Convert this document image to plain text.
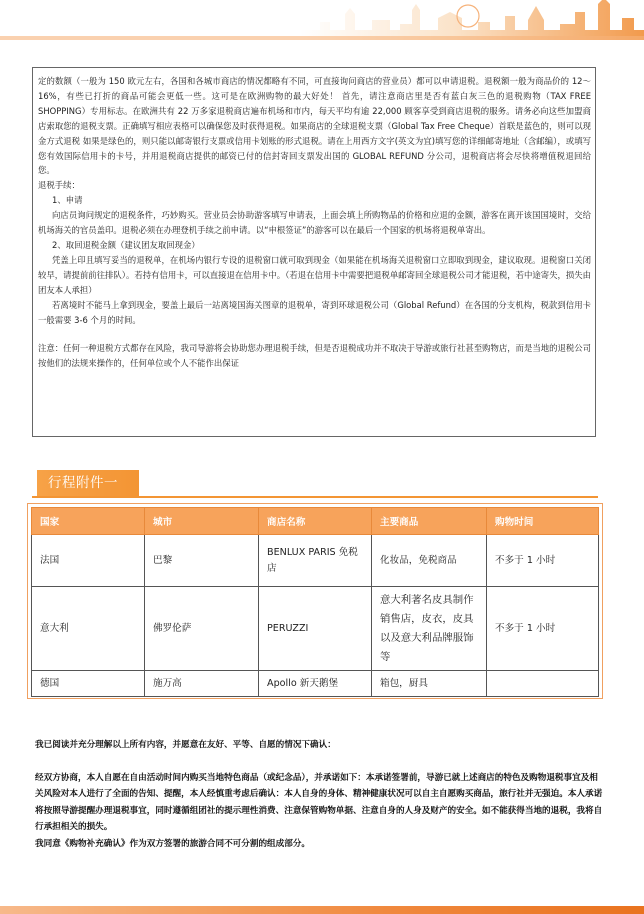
定的数额（一般为 150 欧元左右，各国和各城市商店的情况都略有不同，可直接询问商店的营业员）都可以申请退税。退税额一般为商品价的 12～16%，有些已打折的商品可能会更低一些。这可是在欧洲购物的最大好处！ 首先，请注意商店里是否有蓝白灰三色的退税购物（TAX FREE SHOPPING）专用标志。在欧洲共有 22 万多家退税商店遍布机场和市内，每天平均有逾 22,000 顾客享受到商店退税的服务。请务必向这些加盟商店索取您的退税支票。正确填写相应表格可以确保您及时获得退税。如果商店的全球退税支票（Global Tax Free Cheque）首联是蓝色的，则可以现金方式退税 如果是绿色的，则只能以邮寄银行支票或信用卡划账的形式退税。请在上用西方文字(英文为宜)填写您的详细邮寄地址（含邮编），或填写您有效国际信用卡的卡号，并用退税商店提供的邮资已付的信封寄回支票发出国的 GLOBAL REFUND 分公司，退税商店将会尽快将增值税退回给您。

退税手续：

1、申请

向店员询问规定的退税条件，巧妙购买。营业员会协助游客填写申请表，上面会填上所购物品的价格和应退的金额，游客在离开该国国境时，交给机场海关的官员盖印。退税必须在办理登机手续之前申请。以“申根签证”的游客可以在最后一个国家的机场将退税单寄出。

2、取回退税金额（建议团友取回现金）

凭盖上印且填写妥当的退税单，在机场内银行专设的退税窗口就可取到现金（如果能在机场海关退税窗口立即取到现金，建议取现。退税窗口关闭较早，请提前前往排队）。若持有信用卡，可以直接退在信用卡中。（若退在信用卡中需要把退税单邮寄回全球退税公司才能退税，若中途寄失，损失由团友本人承担）

若离境时不能马上拿到现金，要盖上最后一站离境国海关图章的退税单，寄到环球退税公司（Global Refund）在各国的分支机构，税款到信用卡一般需要 3-6 个月的时间。

注意：任何一种退税方式都存在风险，我司导游将会协助您办理退税手续，但是否退税成功并不取决于导游或旅行社甚至购物店，而是当地的退税公司按他们的法规来操作的，任何单位或个人不能作出保证

行程附件一
国家	城市	商店名称	主要商品	购物时间
法国	巴黎	BENLUX PARIS 免税店	化妆品，免税商品	不多于 1 小时
意大利	佛罗伦萨	PERUZZI	意大利著名皮具制作销售店，皮衣，皮具以及意大利品牌服饰等	不多于 1 小时
德国	施万高	Apollo 新天鹅堡	箱包，厨具	

我已阅读并充分理解以上所有内容，并愿意在友好、平等、自愿的情况下确认：

经双方协商，本人自愿在自由活动时间内购买当地特色商品（或纪念品），并承诺如下：本承诺签署前，导游已就上述商店的特色及购物退税事宜及相关风险对本人进行了全面的告知、提醒，本人经慎重考虑后确认：本人自身的身体、精神健康状况可以自主自愿购买商品，旅行社并无强迫。本人承诺将按照导游提醒办理退税事宜，同时遵循组团社的提示理性消费、注意保管购物单据、注意自身的人身及财产的安全。如不能获得当地的退税，我将自行承担相关的损失。

我同意《购物补充确认》作为双方签署的旅游合同不可分割的组成部分。
